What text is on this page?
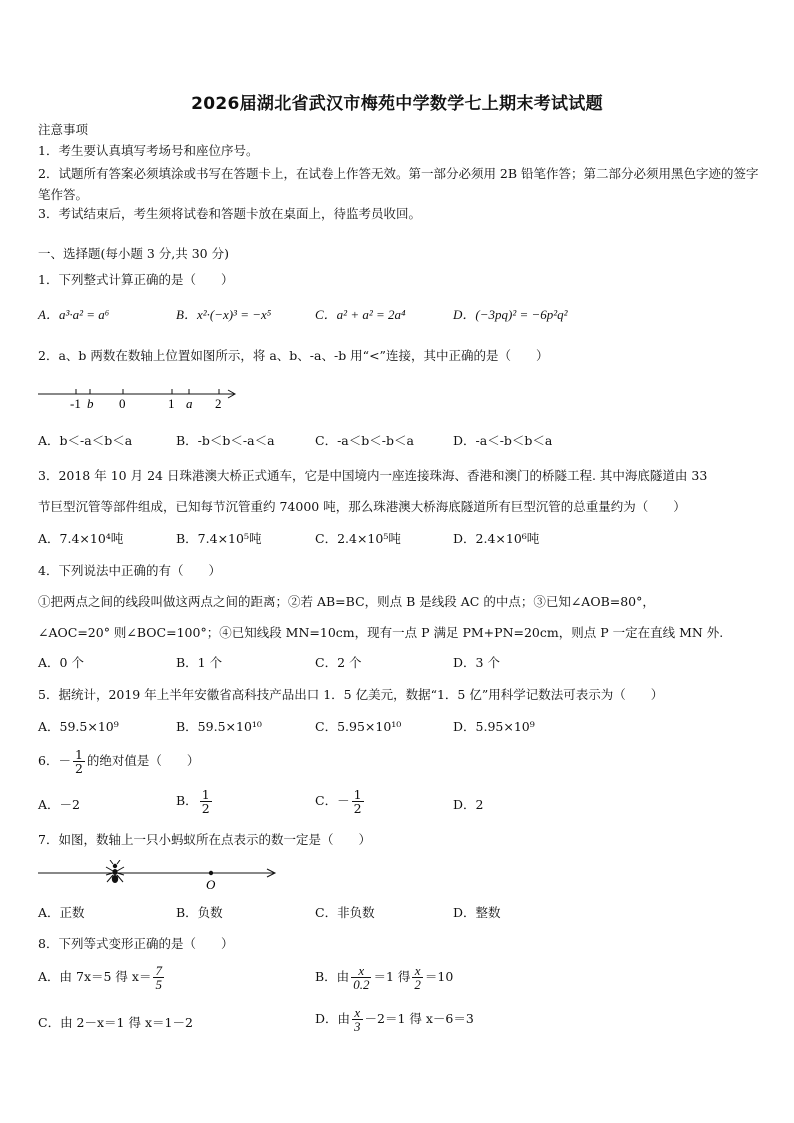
2026届湖北省武汉市梅苑中学数学七上期末考试试题
注意事项
1．考生要认真填写考场号和座位序号。
2．试题所有答案必须填涂或书写在答题卡上，在试卷上作答无效。第一部分必须用 2B 铅笔作答；第二部分必须用黑色字迹的签字笔作答。
3．考试结束后，考生须将试卷和答题卡放在桌面上，待监考员收回。
一、选择题(每小题 3 分,共 30 分)
1．下列整式计算正确的是（　　）
A．a³·a² = a⁶	B．x²·(−x)³ = −x⁵	C．a² + a² = 2a⁴	D．(−3pq)² = −6p²q²
2．a、b 两数在数轴上位置如图所示，将 a、b、-a、-b 用“<”连接，其中正确的是（　　）
-1 b 0	1 a 2
A．b＜-a＜b＜a	B．-b＜b＜-a＜a	C．-a＜b＜-b＜a	D．-a＜-b＜b＜a
3．2018 年 10 月 24 日珠港澳大桥正式通车，它是中国境内一座连接珠海、香港和澳门的桥隧工程. 其中海底隧道由 33
节巨型沉管等部件组成，已知每节沉管重约 74000 吨，那么珠港澳大桥海底隧道所有巨型沉管的总重量约为（　　）
A．7.4×10⁴吨	B．7.4×10⁵吨	C．2.4×10⁵吨	D．2.4×10⁶吨
4．下列说法中正确的有（　　）
①把两点之间的线段叫做这两点之间的距离；②若 AB=BC，则点 B 是线段 AC 的中点；③已知∠AOB=80°，
∠AOC=20° 则∠BOC=100°；④已知线段 MN=10cm，现有一点 P 满足 PM+PN=20cm，则点 P 一定在直线 MN 外.
A．0 个	B．1 个	C．2 个	D．3 个
5．据统计，2019 年上半年安徽省高科技产品出口 1．5 亿美元，数据“1．5 亿”用科学记数法可表示为（　　）
A．59.5×10⁹	B．59.5×10¹⁰	C．5.95×10¹⁰	D．5.95×10⁹
6．－ $\frac{1}{2}$ 的绝对值是（　　）
A．－2	B． $\frac{1}{2}$	C．－ $\frac{1}{2}$	D．2
7．如图，数轴上一只小蚂蚁所在点表示的数一定是（　　）
O
A．正数	B．负数	C．非负数	D．整数
8．下列等式变形正确的是（　　）
A．由 7x＝5 得 $x= \frac{7}{5}$	B．由 $\frac{x}{0.2} =1$ 得 $\frac{x}{2} =10$
C．由 2－x＝1 得 x＝1－2	D．由 $\frac{x}{3} -2=1$ 得 x－6＝3
